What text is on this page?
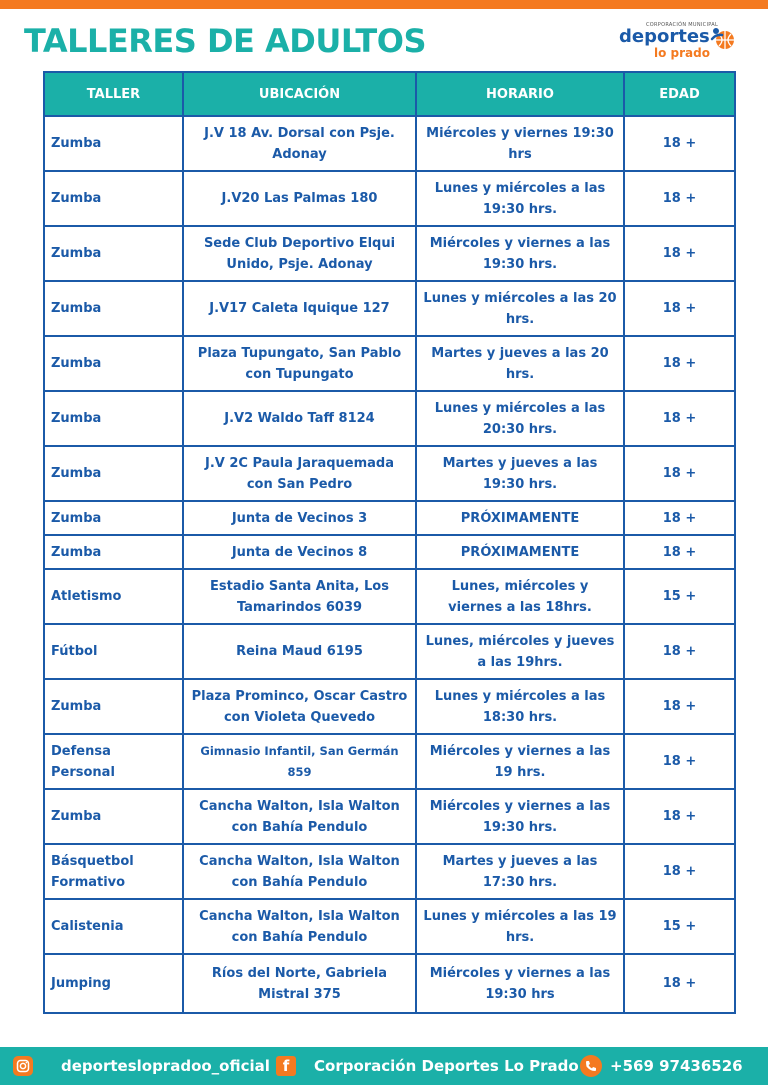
TALLERES DE ADULTOS	CORPORACIÓN MUNICIPAL
deportes
lo prado
TALLER	UBICACIÓN	HORARIO	EDAD
Zumba	J.V 18 Av. Dorsal con Psje. Adonay	Miércoles y viernes 19:30 hrs	18 +
Zumba	J.V20 Las Palmas 180	Lunes y miércoles a las 19:30 hrs.	18 +
Zumba	Sede Club Deportivo Elqui Unido, Psje. Adonay	Miércoles y viernes a las 19:30 hrs.	18 +
Zumba	J.V17 Caleta Iquique 127	Lunes y miércoles a las 20 hrs.	18 +
Zumba	Plaza Tupungato, San Pablo con Tupungato	Martes y jueves a las 20 hrs.	18 +
Zumba	J.V2 Waldo Taff 8124	Lunes y miércoles a las 20:30 hrs.	18 +
Zumba	J.V 2C Paula Jaraquemada con San Pedro	Martes y jueves a las 19:30 hrs.	18 +
Zumba	Junta de Vecinos 3	PRÓXIMAMENTE	18 +
Zumba	Junta de Vecinos 8	PRÓXIMAMENTE	18 +
Atletismo	Estadio Santa Anita, Los Tamarindos 6039	Lunes, miércoles y viernes a las 18hrs.	15 +
Fútbol	Reina Maud 6195	Lunes, miércoles y jueves a las 19hrs.	18 +
Zumba	Plaza Prominco, Oscar Castro con Violeta Quevedo	Lunes y miércoles a las 18:30 hrs.	18 +
Defensa Personal	Gimnasio Infantil, San Germán 859	Miércoles y viernes a las 19 hrs.	18 +
Zumba	Cancha Walton, Isla Walton con Bahía Pendulo	Miércoles y viernes a las 19:30 hrs.	18 +
Básquetbol Formativo	Cancha Walton, Isla Walton con Bahía Pendulo	Martes y jueves a las 17:30 hrs.	18 +
Calistenia	Cancha Walton, Isla Walton con Bahía Pendulo	Lunes y miércoles a las 19 hrs.	15 +
Jumping	Ríos del Norte, Gabriela Mistral 375	Miércoles y viernes a las 19:30 hrs	18 +
deporteslopradoo_oficial f	Corporación Deportes Lo Prado +569 97436526
